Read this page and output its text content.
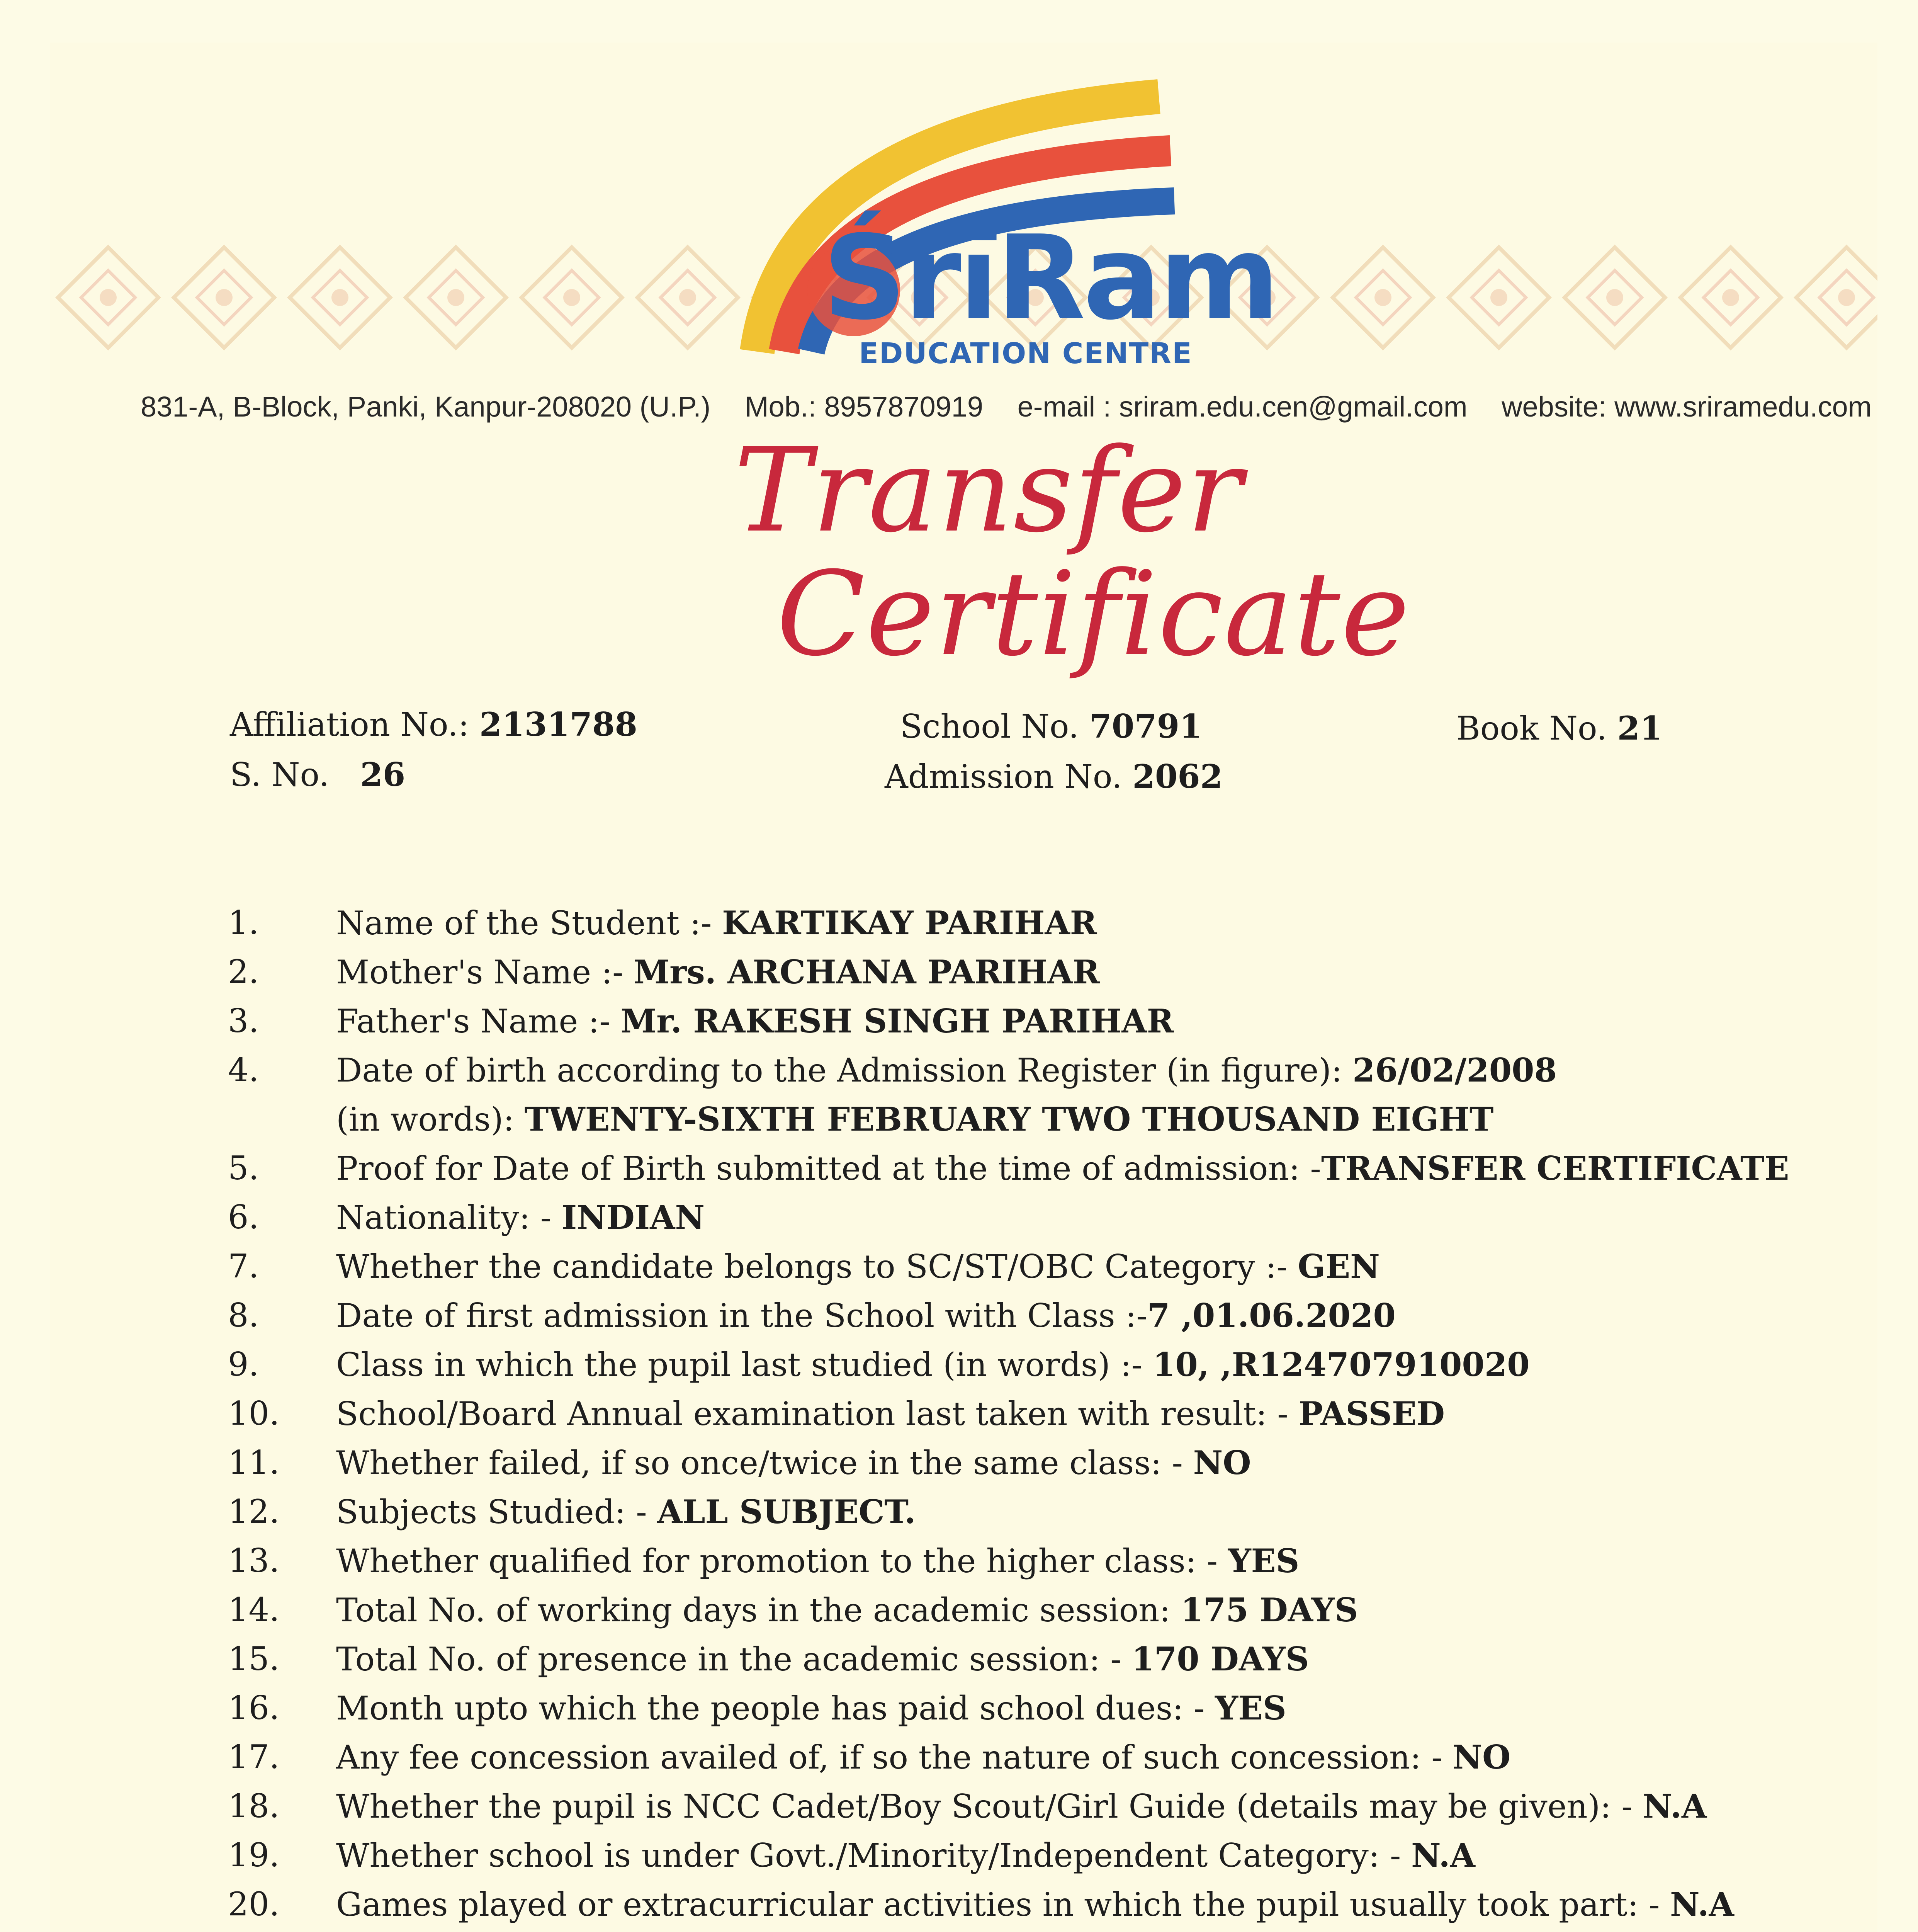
ŚrīRam
EDUCATION CENTRE
831-A, B-Block, Panki, Kanpur-208020 (U.P.) Mob.: 8957870919 e-mail : sriram.edu.cen@gmail.com website: www.sriramedu.com
Transfer
Certificate
Affiliation No.: 2131788
S. No. 26
School No. 70791
Admission No. 2062
Book No. 21
1.	Name of the Student :- KARTIKAY PARIHAR
2.	Mother's Name :- Mrs. ARCHANA PARIHAR
3.	Father's Name :- Mr. RAKESH SINGH PARIHAR
4.	Date of birth according to the Admission Register (in figure): 26/02/2008
(in words): TWENTY-SIXTH FEBRUARY TWO THOUSAND EIGHT
5.	Proof for Date of Birth submitted at the time of admission: -TRANSFER CERTIFICATE
6.	Nationality: - INDIAN
7.	Whether the candidate belongs to SC/ST/OBC Category :- GEN
8.	Date of first admission in the School with Class :-7 ,01.06.2020
9.	Class in which the pupil last studied (in words) :- 10, ,R124707910020
10.	School/Board Annual examination last taken with result: - PASSED
11.	Whether failed, if so once/twice in the same class: - NO
12.	Subjects Studied: - ALL SUBJECT.
13.	Whether qualified for promotion to the higher class: - YES
14.	Total No. of working days in the academic session: 175 DAYS
15.	Total No. of presence in the academic session: - 170 DAYS
16.	Month upto which the people has paid school dues: - YES
17.	Any fee concession availed of, if so the nature of such concession: - NO
18.	Whether the pupil is NCC Cadet/Boy Scout/Girl Guide (details may be given): - N.A
19.	Whether school is under Govt./Minority/Independent Category: - N.A
20.	Games played or extracurricular activities in which the pupil usually took part: - N.A
